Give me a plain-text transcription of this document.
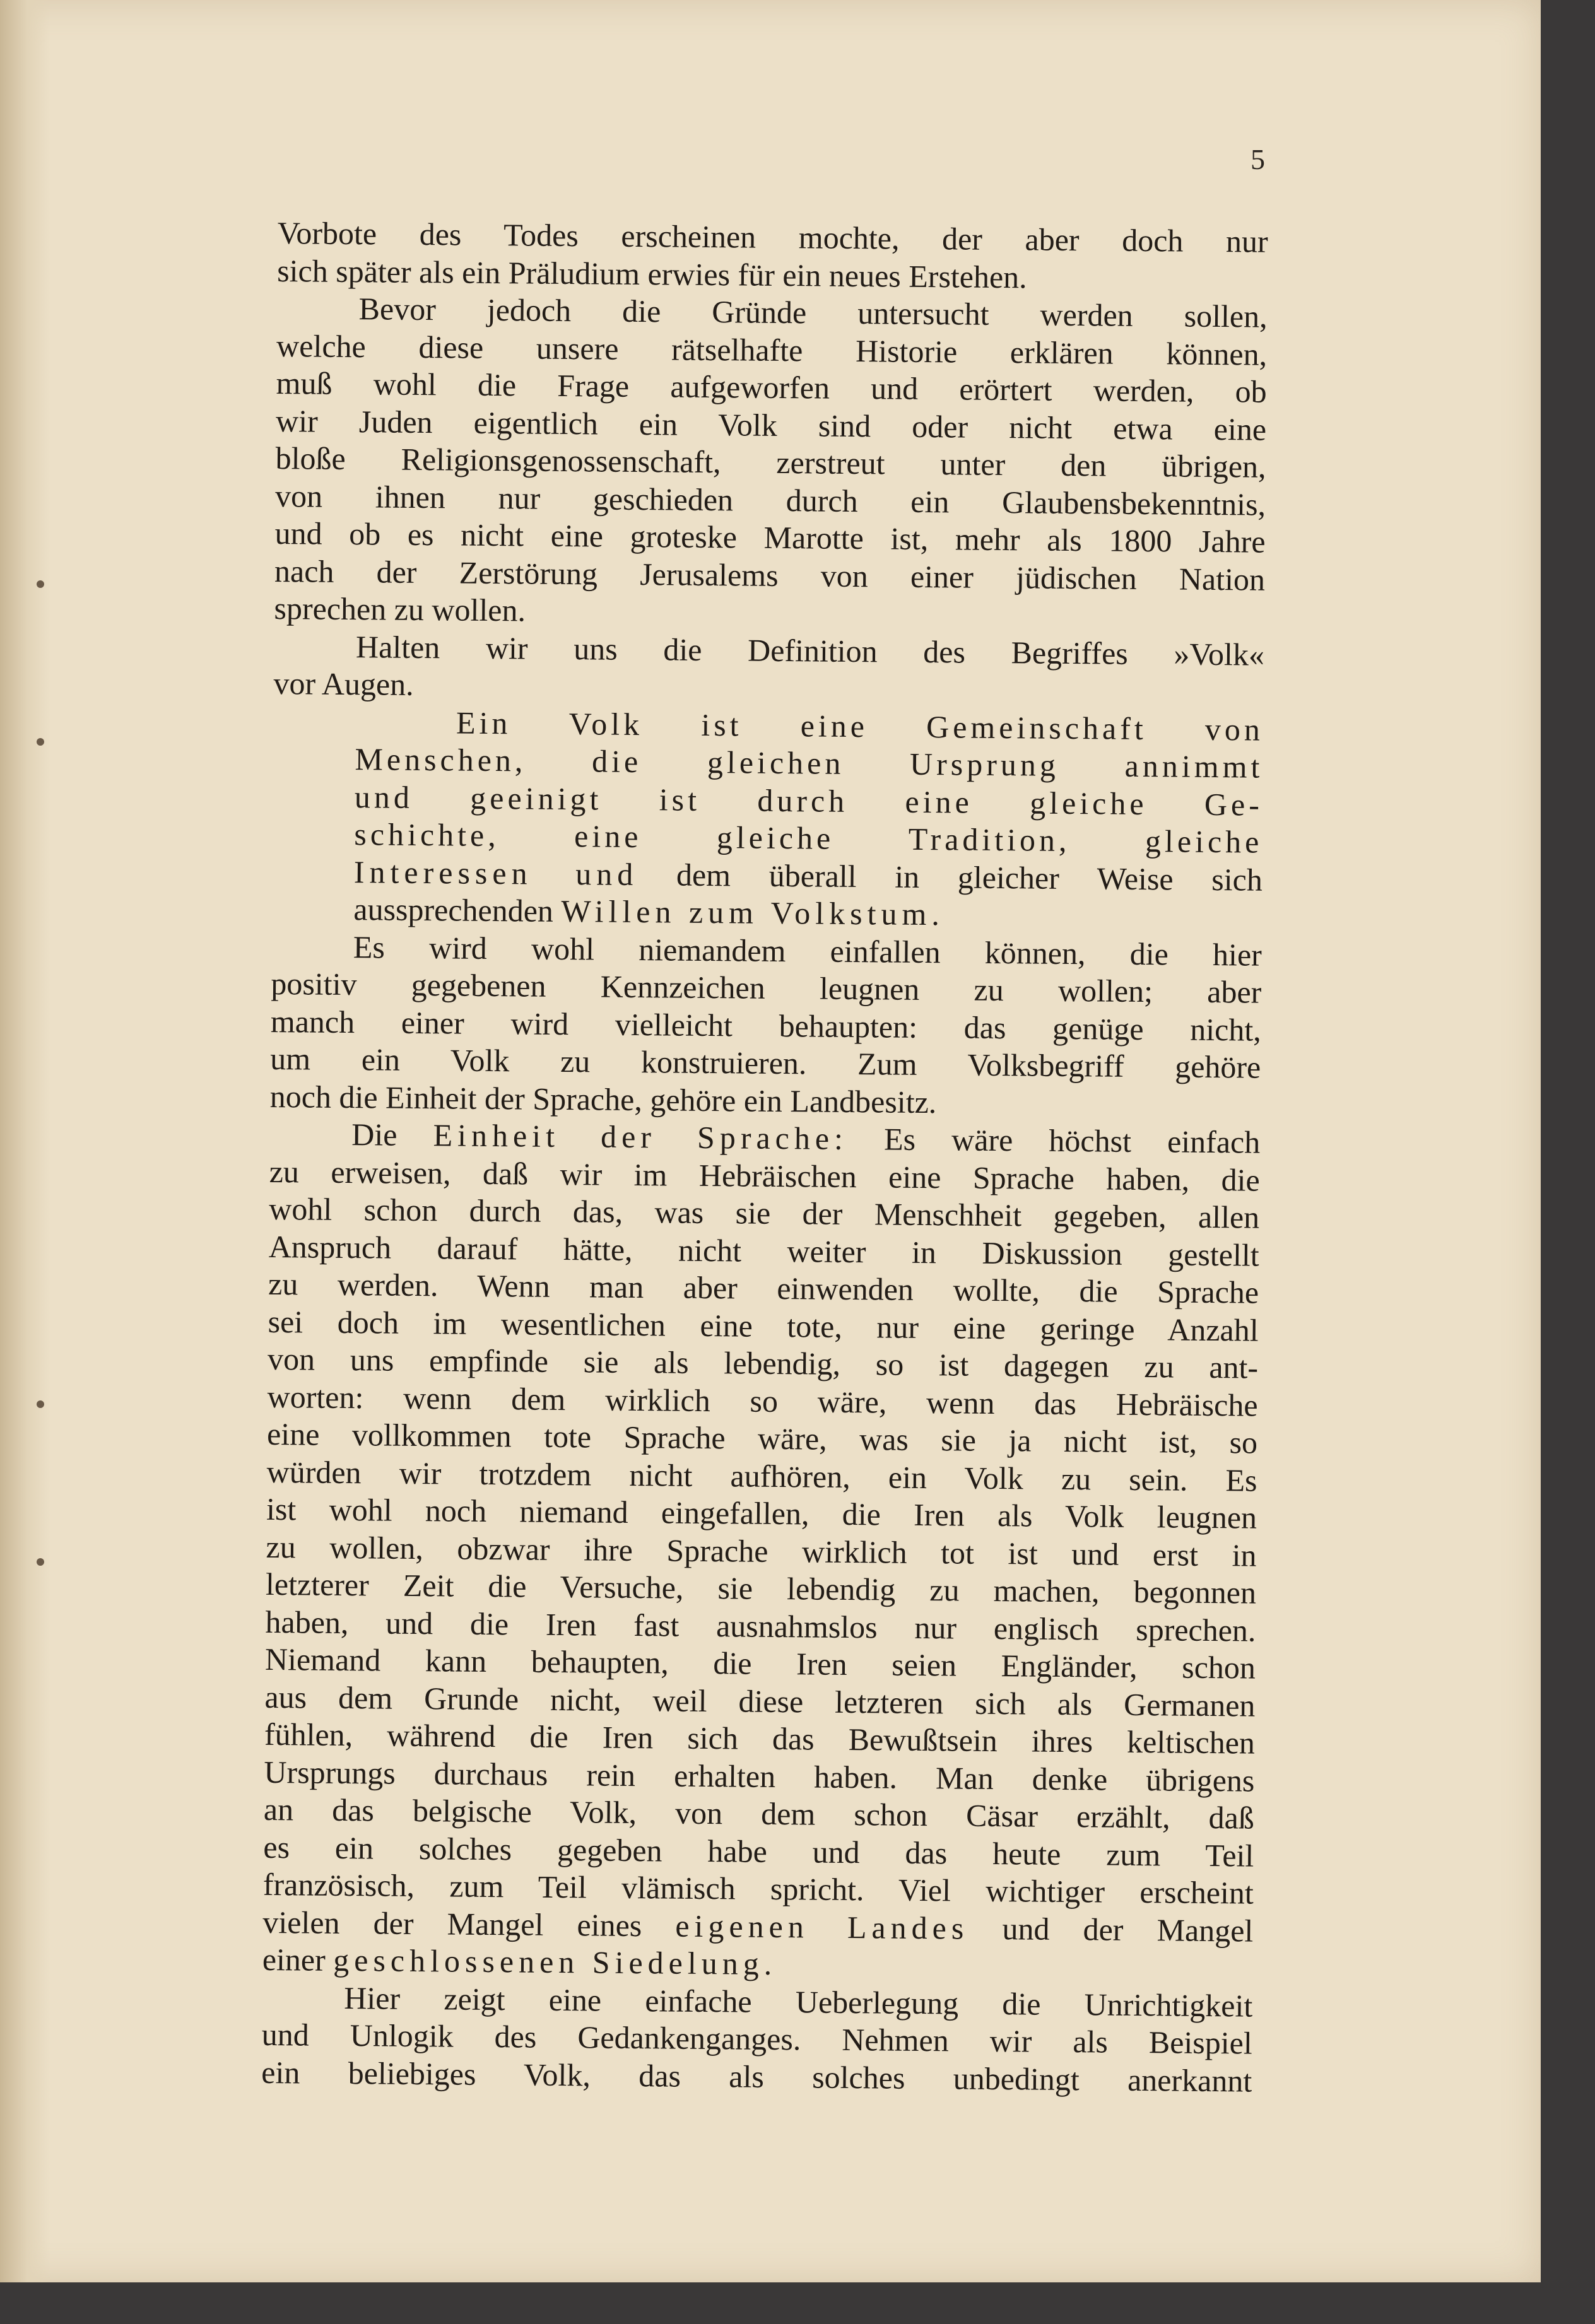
5
Vorbote des Todes erscheinen mochte, der aber doch nur
sich später als ein Präludium erwies für ein neues Erstehen.
Bevor jedoch die Gründe untersucht werden sollen,
welche diese unsere rätselhafte Historie erklären können,
muß wohl die Frage aufgeworfen und erörtert werden, ob
wir Juden eigentlich ein Volk sind oder nicht etwa eine
bloße Religionsgenossenschaft, zerstreut unter den übrigen,
von ihnen nur geschieden durch ein Glaubensbekenntnis,
und ob es nicht eine groteske Marotte ist, mehr als 1800 Jahre
nach der Zerstörung Jerusalems von einer jüdischen Nation
sprechen zu wollen.
Halten wir uns die Definition des Begriffes »Volk«
vor Augen.
Ein Volk ist eine Gemeinschaft von
Menschen, die gleichen Ursprung annimmt
und geeinigt ist durch eine gleiche Ge-
schichte, eine gleiche Tradition, gleiche
Interessen und dem überall in gleicher Weise sich
aussprechenden Willen zum Volkstum.
Es wird wohl niemandem einfallen können, die hier
positiv gegebenen Kennzeichen leugnen zu wollen; aber
manch einer wird vielleicht behaupten: das genüge nicht,
um ein Volk zu konstruieren. Zum Volksbegriff gehöre
noch die Einheit der Sprache, gehöre ein Landbesitz.
Die Einheit der Sprache: Es wäre höchst einfach
zu erweisen, daß wir im Hebräischen eine Sprache haben, die
wohl schon durch das, was sie der Menschheit gegeben, allen
Anspruch darauf hätte, nicht weiter in Diskussion gestellt
zu werden. Wenn man aber einwenden wollte, die Sprache
sei doch im wesentlichen eine tote, nur eine geringe Anzahl
von uns empfinde sie als lebendig, so ist dagegen zu ant-
worten: wenn dem wirklich so wäre, wenn das Hebräische
eine vollkommen tote Sprache wäre, was sie ja nicht ist, so
würden wir trotzdem nicht aufhören, ein Volk zu sein. Es
ist wohl noch niemand eingefallen, die Iren als Volk leugnen
zu wollen, obzwar ihre Sprache wirklich tot ist und erst in
letzterer Zeit die Versuche, sie lebendig zu machen, begonnen
haben, und die Iren fast ausnahmslos nur englisch sprechen.
Niemand kann behaupten, die Iren seien Engländer, schon
aus dem Grunde nicht, weil diese letzteren sich als Germanen
fühlen, während die Iren sich das Bewußtsein ihres keltischen
Ursprungs durchaus rein erhalten haben. Man denke übrigens
an das belgische Volk, von dem schon Cäsar erzählt, daß
es ein solches gegeben habe und das heute zum Teil
französisch, zum Teil vlämisch spricht. Viel wichtiger erscheint
vielen der Mangel eines eigenen Landes und der Mangel
einer geschlossenen Siedelung.
Hier zeigt eine einfache Ueberlegung die Unrichtigkeit
und Unlogik des Gedankenganges. Nehmen wir als Beispiel
ein beliebiges Volk, das als solches unbedingt anerkannt
